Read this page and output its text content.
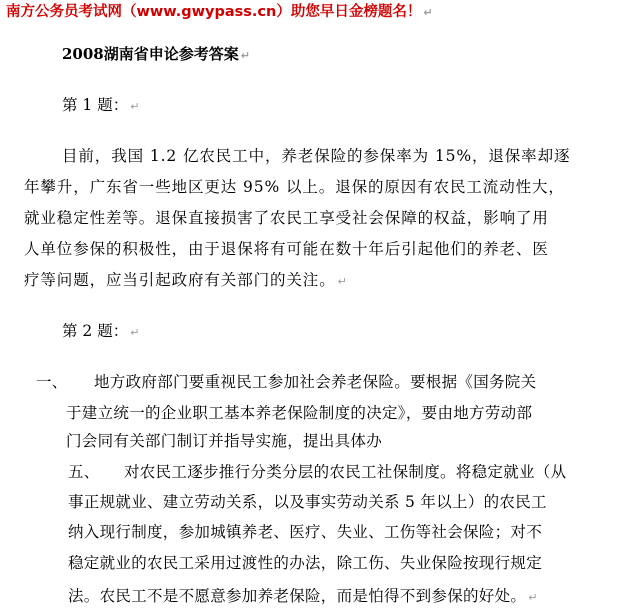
南方公务员考试网（www.gwypass.cn）助您早日金榜题名！ ↵
2008湖南省申论参考答案 ↵
第 1 题： ↵
目前，我国 1.2 亿农民工中，养老保险的参保率为 15%，退保率却逐
年攀升，广东省一些地区更达 95% 以上。退保的原因有农民工流动性大，
就业稳定性差等。退保直接损害了农民工享受社会保障的权益，影响了用
人单位参保的积极性，由于退保将有可能在数十年后引起他们的养老、医
疗等问题，应当引起政府有关部门的关注。 ↵
第 2 题： ↵
一、 地方政府部门要重视民工参加社会养老保险。要根据《国务院关
于建立统一的企业职工基本养老保险制度的决定》，要由地方劳动部
门会同有关部门制订并指导实施，提出具体办
五、 对农民工逐步推行分类分层的农民工社保制度。将稳定就业（从
事正规就业、建立劳动关系，以及事实劳动关系 5 年以上）的农民工
纳入现行制度，参加城镇养老、医疗、失业、工伤等社会保险；对不
稳定就业的农民工采用过渡性的办法，除工伤、失业保险按现行规定
法。农民工不是不愿意参加养老保险，而是怕得不到参保的好处。 ↵
